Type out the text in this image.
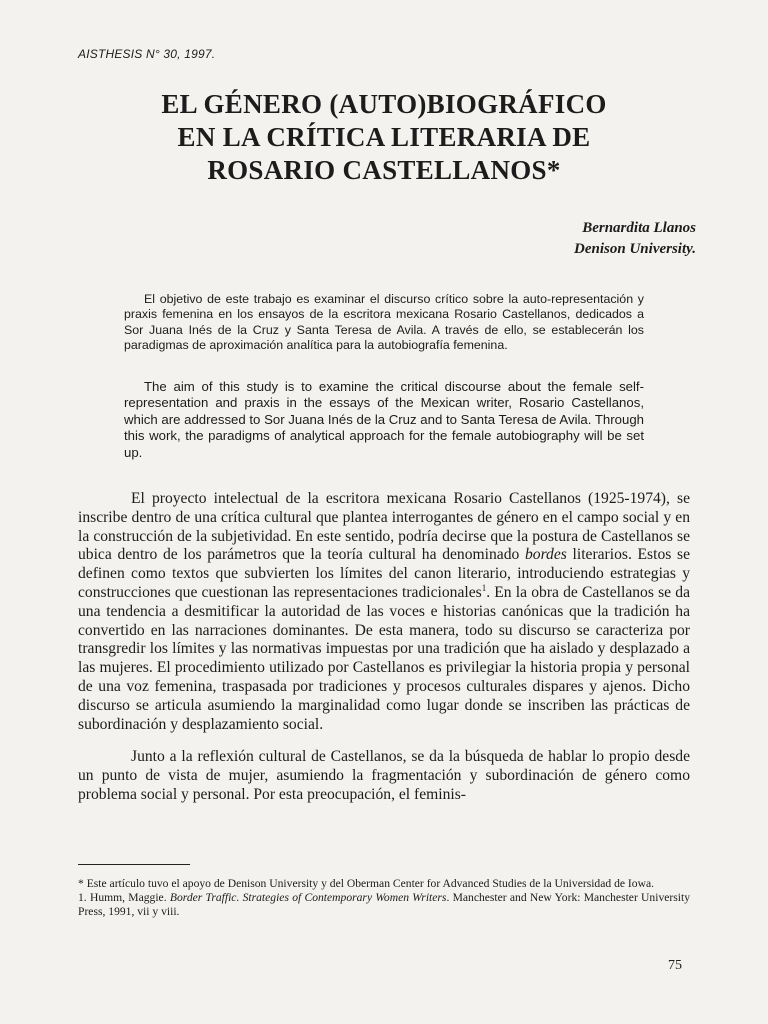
AISTHESIS N° 30, 1997.
EL GÉNERO (AUTO)BIOGRÁFICO
EN LA CRÍTICA LITERARIA DE
ROSARIO CASTELLANOS*
Bernardita Llanos
Denison University.

El objetivo de este trabajo es examinar el discurso crítico sobre la auto-representación y praxis femenina en los ensayos de la escritora mexicana Rosario Castellanos, dedicados a Sor Juana Inés de la Cruz y Santa Teresa de Avila. A través de ello, se establecerán los paradigmas de aproximación analítica para la autobiografía femenina.

The aim of this study is to examine the critical discourse about the female self-representation and praxis in the essays of the Mexican writer, Rosario Castellanos, which are addressed to Sor Juana Inés de la Cruz and to Santa Teresa de Avila. Through this work, the paradigms of analytical approach for the female autobiography will be set up.

El proyecto intelectual de la escritora mexicana Rosario Castellanos (1925-1974), se inscribe dentro de una crítica cultural que plantea interrogantes de género en el campo social y en la construcción de la subjetividad. En este sentido, podría decirse que la postura de Castellanos se ubica dentro de los parámetros que la teoría cultural ha denominado bordes literarios. Estos se definen como textos que subvierten los límites del canon literario, introduciendo estrategias y construcciones que cuestionan las representaciones tradicionales$^1$. En la obra de Castellanos se da una tendencia a desmitificar la autoridad de las voces e historias canónicas que la tradición ha convertido en las narraciones dominantes. De esta manera, todo su discurso se caracteriza por transgredir los límites y las normativas impuestas por una tradición que ha aislado y desplazado a las mujeres. El procedimiento utilizado por Castellanos es privilegiar la historia propia y personal de una voz femenina, traspasada por tradiciones y procesos culturales dispares y ajenos. Dicho discurso se articula asumiendo la marginalidad como lugar donde se inscriben las prácticas de subordinación y desplazamiento social.

Junto a la reflexión cultural de Castellanos, se da la búsqueda de hablar lo propio desde un punto de vista de mujer, asumiendo la fragmentación y subordinación de género como problema social y personal. Por esta preocupación, el feminis-

* Este artículo tuvo el apoyo de Denison University y del Oberman Center for Advanced Studies de la Universidad de Iowa.

1. Humm, Maggie. Border Traffic. Strategies of Contemporary Women Writers. Manchester and New York: Manchester University Press, 1991, vii y viii.

75
